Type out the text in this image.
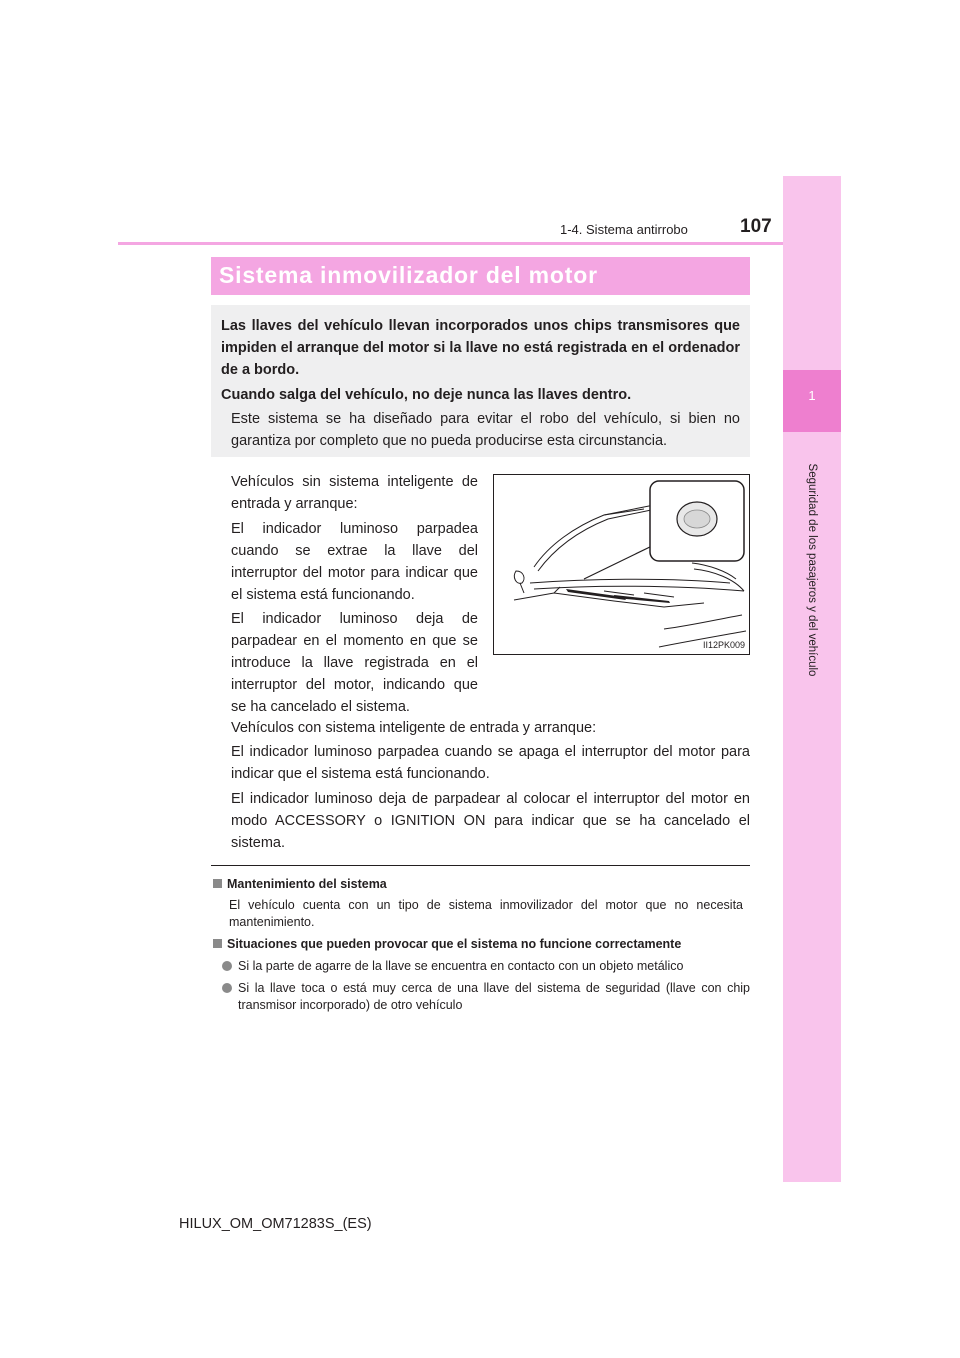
1
Seguridad de los pasajeros y del vehículo
1-4. Sistema antirrobo	107
Sistema inmovilizador del motor
Las llaves del vehículo llevan incorporados unos chips transmisores que impiden el arranque del motor si la llave no está registrada en el ordenador de a bordo.
Cuando salga del vehículo, no deje nunca las llaves dentro.
Este sistema se ha diseñado para evitar el robo del vehículo, si bien no garantiza por completo que no pueda producirse esta circunstancia.
Vehículos sin sistema inteligente de entrada y arranque:
El indicador luminoso parpadea cuando se extrae la llave del interruptor del motor para indicar que el sistema está funcionando.
El indicador luminoso deja de parpadear en el momento en que se introduce la llave registrada en el interruptor del motor, indicando que se ha cancelado el sistema.
II12PK009
Vehículos con sistema inteligente de entrada y arranque:
El indicador luminoso parpadea cuando se apaga el interruptor del motor para indicar que el sistema está funcionando.
El indicador luminoso deja de parpadear al colocar el interruptor del motor en modo ACCESSORY o IGNITION ON para indicar que se ha cancelado el sistema.
Mantenimiento del sistema
El vehículo cuenta con un tipo de sistema inmovilizador del motor que no necesita mantenimiento.
Situaciones que pueden provocar que el sistema no funcione correctamente
Si la parte de agarre de la llave se encuentra en contacto con un objeto metálico
Si la llave toca o está muy cerca de una llave del sistema de seguridad (llave con chip transmisor incorporado) de otro vehículo
HILUX_OM_OM71283S_(ES)
